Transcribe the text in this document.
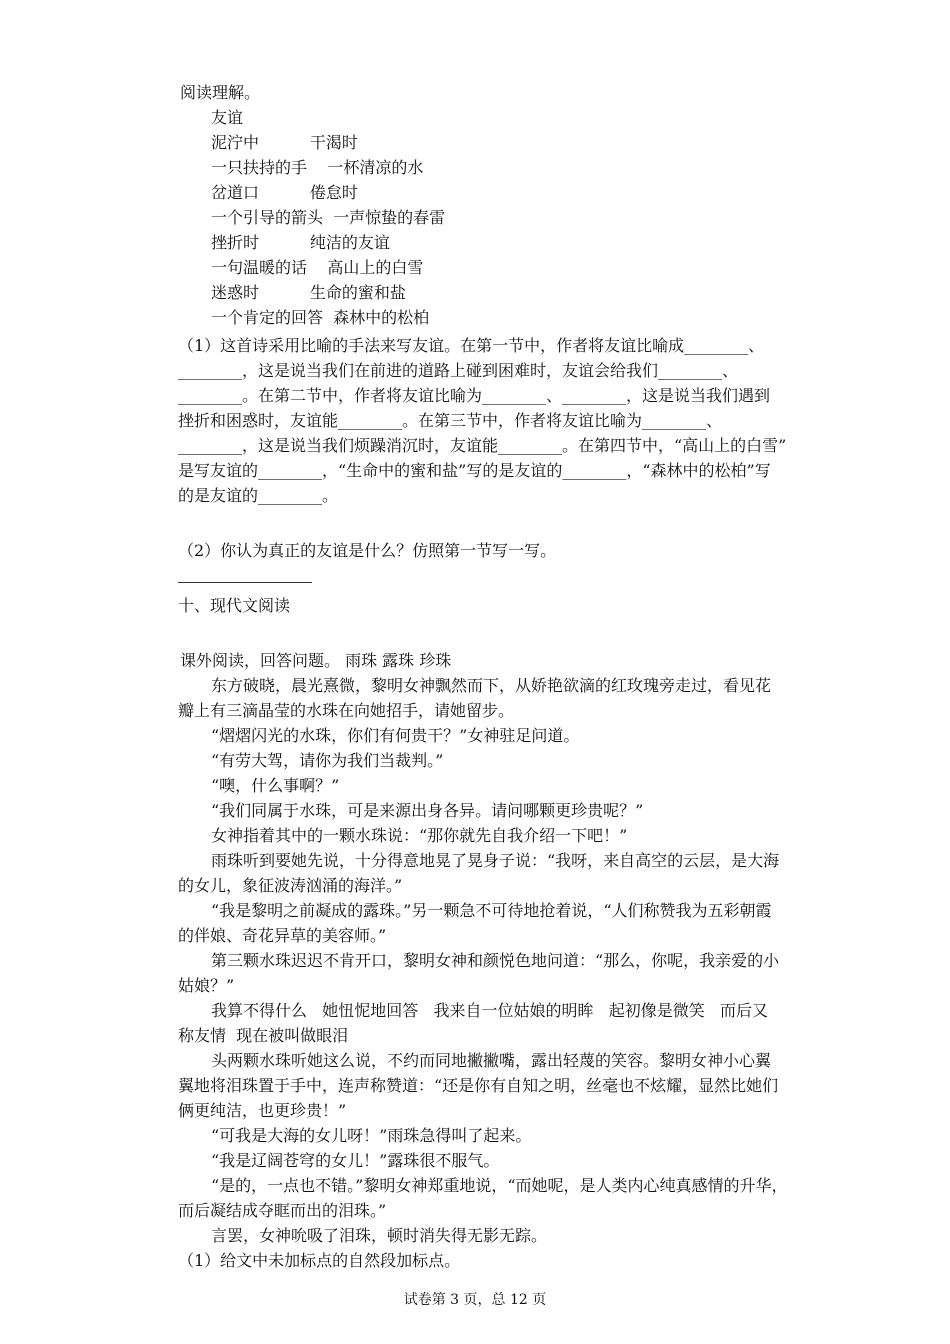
阅读理解。
友谊
泥泞中          干渴时
一只扶持的手    一杯清凉的水
岔道口          倦怠时
一个引导的箭头  一声惊蛰的春雷
挫折时          纯洁的友谊
一句温暖的话    高山上的白雪
迷惑时          生命的蜜和盐
一个肯定的回答  森林中的松柏
（1）这首诗采用比喻的手法来写友谊。在第一节中，作者将友谊比喻成________、
________，这是说当我们在前进的道路上碰到困难时，友谊会给我们________、
________。在第二节中，作者将友谊比喻为________、________，这是说当我们遇到
挫折和困惑时，友谊能________。在第三节中，作者将友谊比喻为________、
________，这是说当我们烦躁消沉时，友谊能________。在第四节中，“高山上的白雪”
是写友谊的________，“生命中的蜜和盐”写的是友谊的________，“森林中的松柏”写
的是友谊的________。
（2）你认为真正的友谊是什么？仿照第一节写一写。
十、现代文阅读
课外阅读，回答问题。 雨珠 露珠 珍珠
东方破晓，晨光熹微，黎明女神飘然而下，从娇艳欲滴的红玫瑰旁走过，看见花
瓣上有三滴晶莹的水珠在向她招手，请她留步。
“熠熠闪光的水珠，你们有何贵干？”女神驻足问道。
“有劳大驾，请你为我们当裁判。”
“噢，什么事啊？”
“我们同属于水珠，可是来源出身各异。请问哪颗更珍贵呢？”
女神指着其中的一颗水珠说：“那你就先自我介绍一下吧！”
雨珠听到要她先说，十分得意地晃了晃身子说：“我呀，来自高空的云层，是大海
的女儿，象征波涛汹涌的海洋。”
“我是黎明之前凝成的露珠。”另一颗急不可待地抢着说，“人们称赞我为五彩朝霞
的伴娘、奇花异草的美容师。”
第三颗水珠迟迟不肯开口，黎明女神和颜悦色地问道：“那么，你呢，我亲爱的小
姑娘？”
我算不得什么   她忸怩地回答   我来自一位姑娘的明眸   起初像是微笑   而后又
称友情  现在被叫做眼泪
头两颗水珠听她这么说，不约而同地撇撇嘴，露出轻蔑的笑容。黎明女神小心翼
翼地将泪珠置于手中，连声称赞道：“还是你有自知之明，丝毫也不炫耀，显然比她们
俩更纯洁，也更珍贵！”
“可我是大海的女儿呀！”雨珠急得叫了起来。
“我是辽阔苍穹的女儿！”露珠很不服气。
“是的，一点也不错。”黎明女神郑重地说，“而她呢，是人类内心纯真感情的升华，
而后凝结成夺眶而出的泪珠。”
言罢，女神吮吸了泪珠，顿时消失得无影无踪。
（1）给文中未加标点的自然段加标点。
试卷第 3 页，总 12 页
